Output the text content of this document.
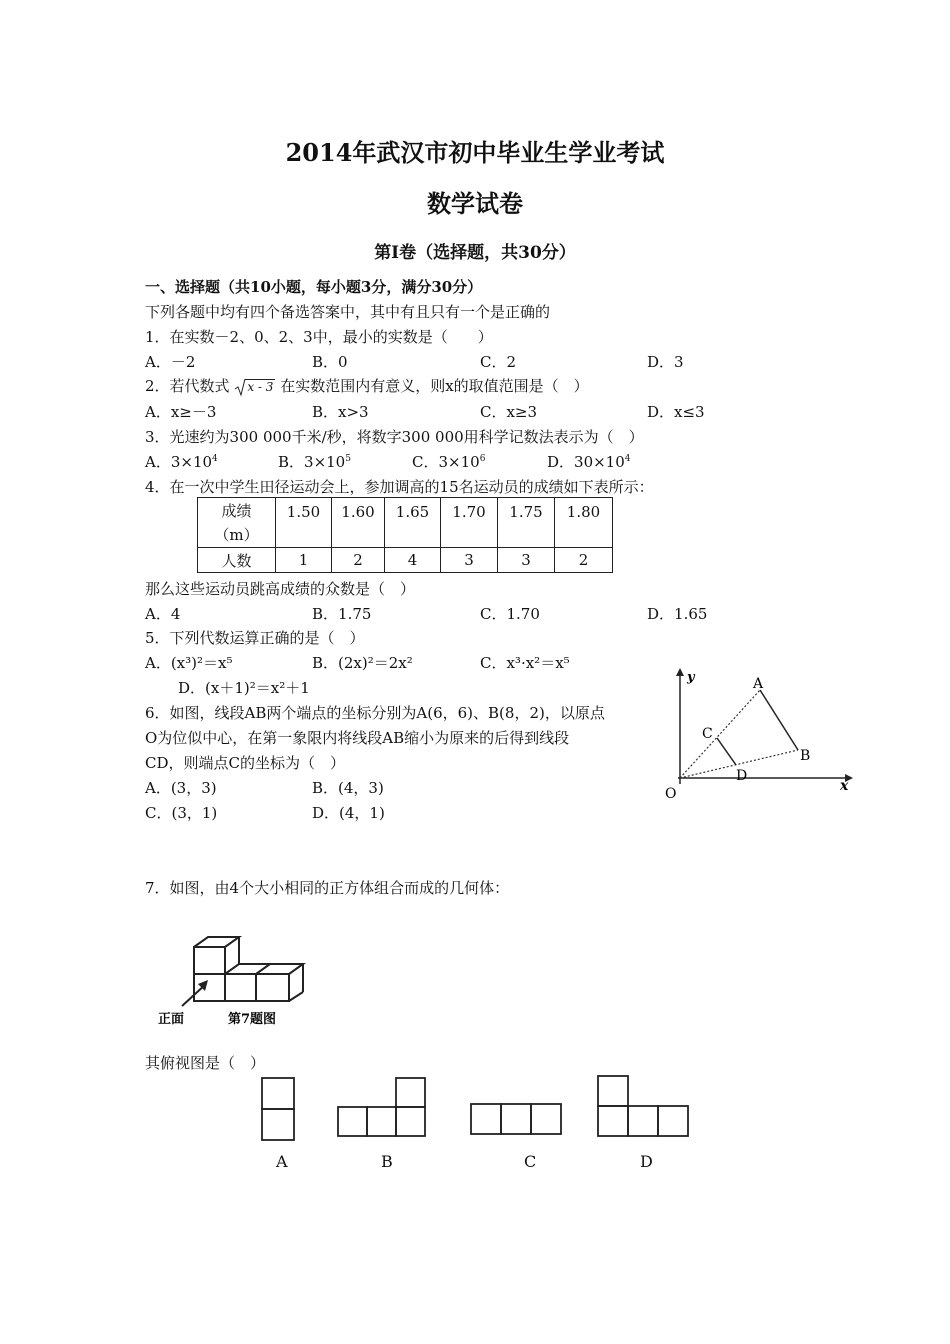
2014年武汉市初中毕业生学业考试
数学试卷
第I卷（选择题，共30分）
一、选择题（共10小题，每小题3分，满分30分）
下列各题中均有四个备选答案中，其中有且只有一个是正确的
1．在实数－2、0、2、3中，最小的实数是（　　）
A．－2	B．0	C．2	D．3
2．若代数式 x - 3 在实数范围内有意义，则x的取值范围是（　）
A．x≥－3	B．x>3	C．x≥3	D．x≤3
3．光速约为300 000千米/秒，将数字300 000用科学记数法表示为（　）
A．$3\times 10^4$	B．$3\times 10^5$	C．$3\times 10^6$	D．$30\times 10^4$
4．在一次中学生田径运动会上，参加调高的15名运动员的成绩如下表所示：
成绩
（m）	1.50	1.60	1.65	1.70	1.75	1.80
人数	1	2	4	3	3	2
那么这些运动员跳高成绩的众数是（　）
A．4	B．1.75	C．1.70	D．1.65
5．下列代数运算正确的是（　）
A．(x³)²＝x⁵	B．(2x)²＝2x²	C．x³·x²＝x⁵
D．(x＋1)²＝x²＋1
6．如图，线段AB两个端点的坐标分别为A(6，6)、B(8，2)，以原点
O为位似中心，在第一象限内将线段AB缩小为原来的后得到线段
CD，则端点C的坐标为（　）
A．(3，3)	B．(4，3)
C．(3，1)	D．(4，1)
y
x
O
A
B
C
D
7．如图，由4个大小相同的正方体组合而成的几何体：
正面	第7题图
其俯视图是（　）
A	B	C	D
